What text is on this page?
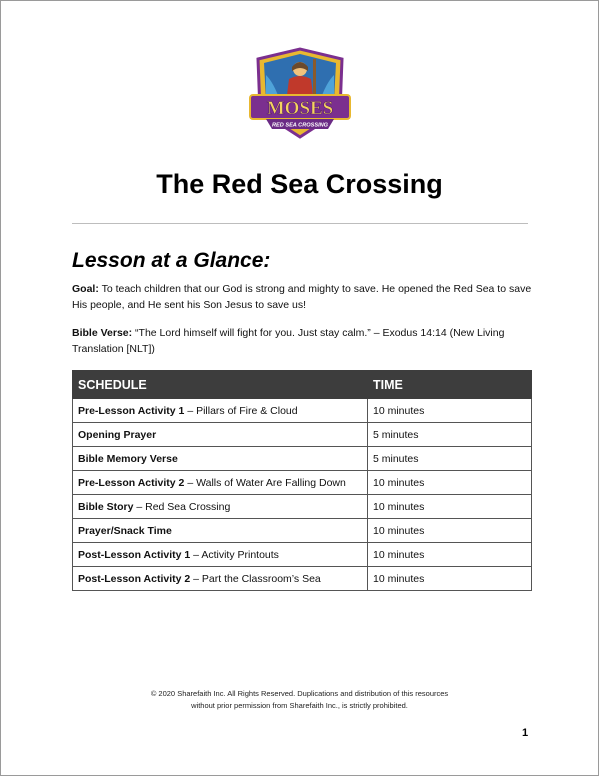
MOSES
RED SEA CROSSING
The Red Sea Crossing
Lesson at a Glance:
Goal: To teach children that our God is strong and mighty to save. He opened the Red Sea to save His people, and He sent his Son Jesus to save us!
Bible Verse: “The Lord himself will fight for you. Just stay calm.” – Exodus 14:14 (New Living Translation [NLT])
SCHEDULE	TIME
Pre-Lesson Activity 1 – Pillars of Fire & Cloud	10 minutes
Opening Prayer	5 minutes
Bible Memory Verse	5 minutes
Pre-Lesson Activity 2 – Walls of Water Are Falling Down	10 minutes
Bible Story – Red Sea Crossing	10 minutes
Prayer/Snack Time	10 minutes
Post-Lesson Activity 1 – Activity Printouts	10 minutes
Post-Lesson Activity 2 – Part the Classroom’s Sea	10 minutes
© 2020 Sharefaith Inc. All Rights Reserved. Duplications and distribution of this resources
without prior permission from Sharefaith Inc., is strictly prohibited.
1
